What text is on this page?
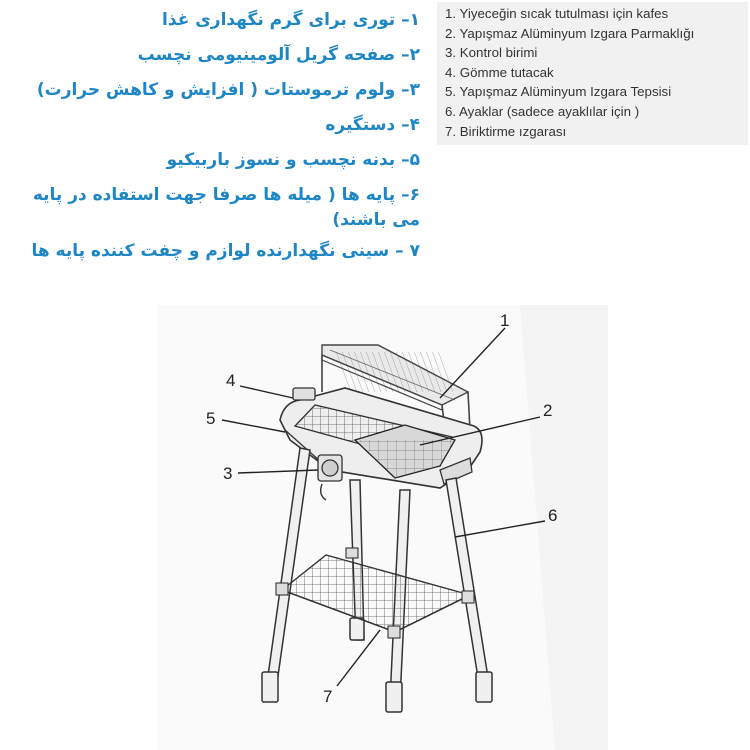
۱– توری برای گرم نگهداری غذا
۲– صفحه گریل آلومینیومی نچسب
۳– ولوم ترموستات ( افزایش و کاهش حرارت)
۴– دستگیره
۵– بدنه نچسب و نسوز باربیکیو
۶– پایه ها ( میله ها صرفا جهت استفاده در پایه می باشند)
۷ – سینی نگهدارنده لوازم و چفت کننده پایه ها
1. Yiyeceğin sıcak tutulması için kafes
2. Yapışmaz Alüminyum Izgara Parmaklığı
3. Kontrol birimi
4. Gömme tutacak
5. Yapışmaz Alüminyum Izgara Tepsisi
6. Ayaklar (sadece ayaklılar için )
7. Biriktirme ızgarası
1
2
3
4
5
6
7
